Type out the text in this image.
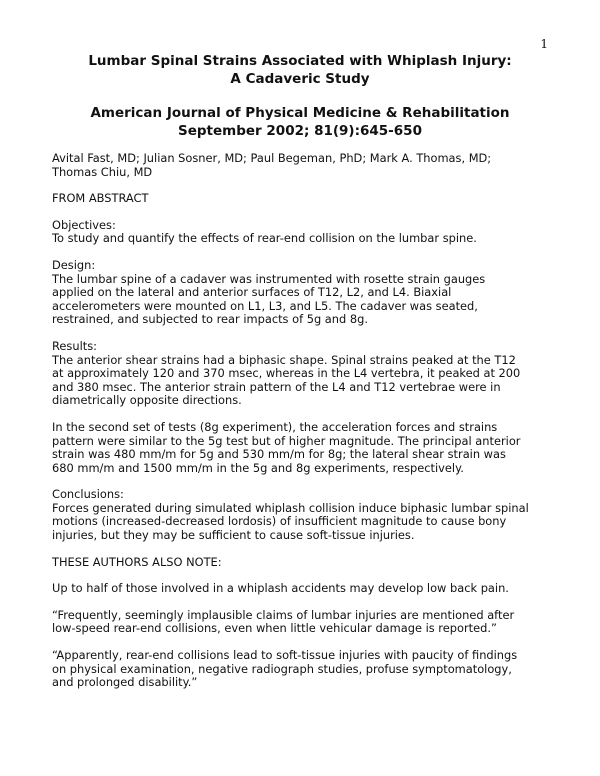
1
Lumbar Spinal Strains Associated with Whiplash Injury:
A Cadaveric Study
American Journal of Physical Medicine & Rehabilitation
September 2002; 81(9):645-650

Avital Fast, MD; Julian Sosner, MD; Paul Begeman, PhD; Mark A. Thomas, MD;
Thomas Chiu, MD

FROM ABSTRACT

Objectives:
To study and quantify the effects of rear-end collision on the lumbar spine.

Design:
The lumbar spine of a cadaver was instrumented with rosette strain gauges
applied on the lateral and anterior surfaces of T12, L2, and L4. Biaxial
accelerometers were mounted on L1, L3, and L5. The cadaver was seated,
restrained, and subjected to rear impacts of 5g and 8g.

Results:
The anterior shear strains had a biphasic shape. Spinal strains peaked at the T12
at approximately 120 and 370 msec, whereas in the L4 vertebra, it peaked at 200
and 380 msec. The anterior strain pattern of the L4 and T12 vertebrae were in
diametrically opposite directions.

In the second set of tests (8g experiment), the acceleration forces and strains
pattern were similar to the 5g test but of higher magnitude. The principal anterior
strain was 480 mm/m for 5g and 530 mm/m for 8g; the lateral shear strain was
680 mm/m and 1500 mm/m in the 5g and 8g experiments, respectively.

Conclusions:
Forces generated during simulated whiplash collision induce biphasic lumbar spinal
motions (increased-decreased lordosis) of insufficient magnitude to cause bony
injuries, but they may be sufficient to cause soft-tissue injuries.

THESE AUTHORS ALSO NOTE:

Up to half of those involved in a whiplash accidents may develop low back pain.

“Frequently, seemingly implausible claims of lumbar injuries are mentioned after
low-speed rear-end collisions, even when little vehicular damage is reported.”

“Apparently, rear-end collisions lead to soft-tissue injuries with paucity of findings
on physical examination, negative radiograph studies, profuse symptomatology,
and prolonged disability.”
